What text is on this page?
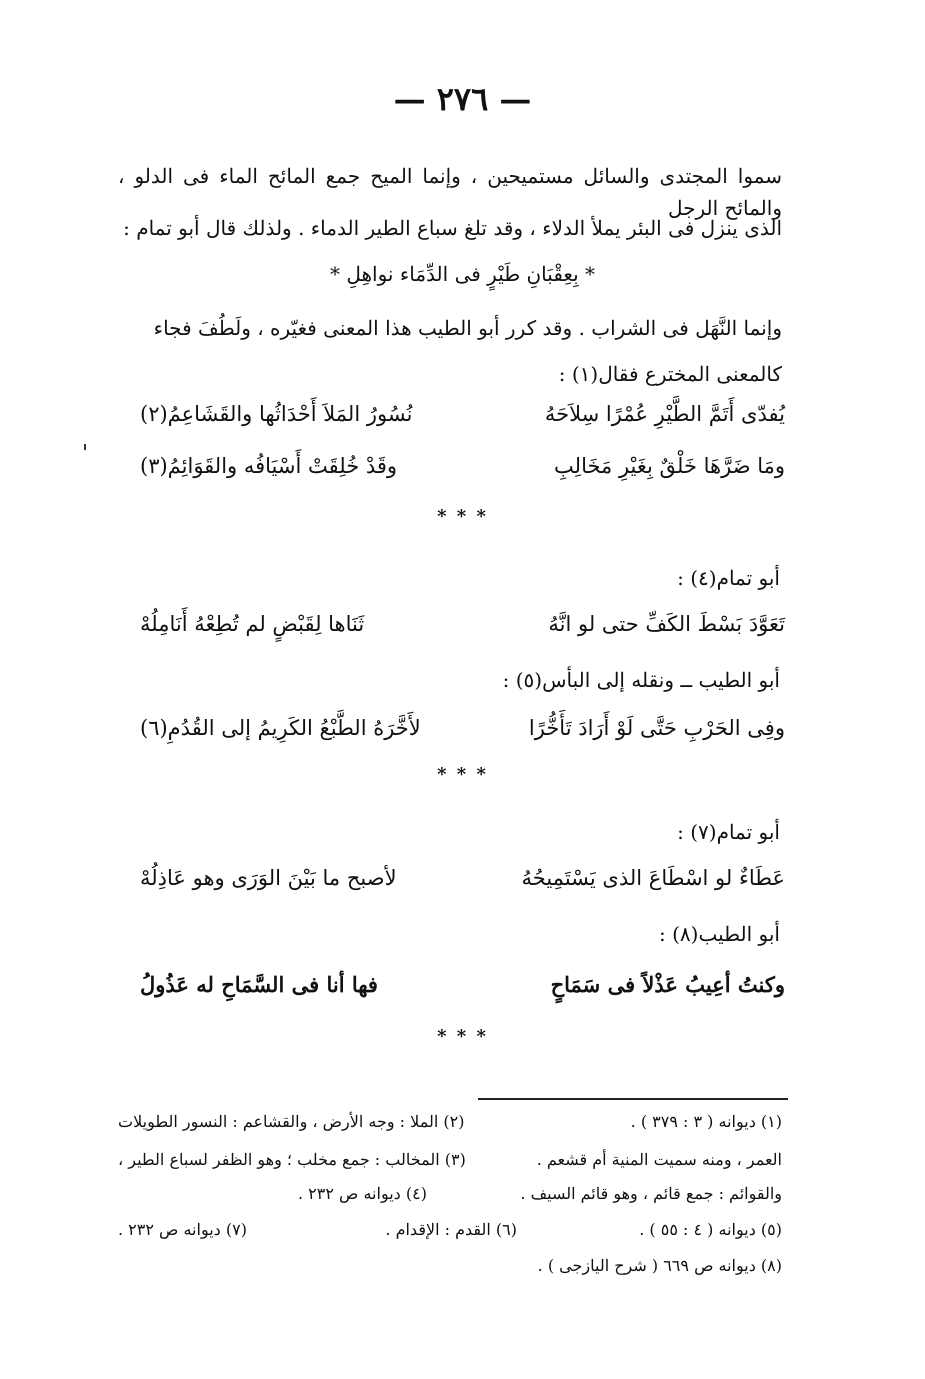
— ٢٧٦ —
سموا المجتدى والسائل مستميحين ، وإنما الميح جمع المائح الماء فى الدلو ، والمائح الرجل
الذى ينزل فى البئر يملأ الدلاء ، وقد تلغ سباع الطير الدماء . ولذلك قال أبو تمام :
* بِعِقْبَانِ طَيْرٍ فى الدِّمَاء نواهِلِ *
وإنما النَّهَل فى الشراب . وقد كرر أبو الطيب هذا المعنى فغيّره ، ولَطُفَ فجاء
كالمعنى المخترع فقال(١) :
يُفدّى أَتَمَّ الطَّيْرِ عُمْرًا سِلاَحَهُ
نُسُورُ المَلاَ أَحْدَاثُها والقَشَاعِمُ(٢)
ومَا ضَرَّهَا خَلْقٌ بِغَيْرِ مَخَالِبِ
وقَدْ خُلِقَتْ أَسْيَافُه والقَوَائِمُ(٣)
* * *
أبو تمام(٤) :
تَعَوَّدَ بَسْطَ الكَفِّ حتى لو انَّهُ
ثَنَاها لِقَبْضٍ لم تُطِعْهُ أَنَامِلُهْ
أبو الطيب ــ ونقله إلى البأس(٥) :
وفِى الحَرْبِ حَتَّى لَوْ أَرَادَ تَأَخُّرًا
لأَخَّرَهُ الطَّبْعُ الكَرِيمُ إلى القُدُمِ(٦)
* * *
أبو تمام(٧) :
عَطَاءٌ لو اسْطَاعَ الذى يَسْتَمِيحُهُ
لأصبح ما بَيْنَ الوَرَى وهو عَاذِلُهْ
أبو الطيب(٨) :
وكنتُ أعِيبُ عَذْلاً فى سَمَاحٍ
فها أنا فى السَّمَاحِ له عَذُولُ
* * *
(١) ديوانه ( ٣ : ٣٧٩ ) .
(٢) الملا : وجه الأرض ، والقشاعم : النسور الطويلات
العمر ، ومنه سميت المنية أم قشعم .
(٣) المخالب : جمع مخلب ؛ وهو الظفر لسباع الطير ،
والقوائم : جمع قائم ، وهو قائم السيف .
(٤) ديوانه ص ٢٣٢ .
(٥) ديوانه ( ٤ : ٥٥ ) .
(٦) القدم : الإقدام .
(٧) ديوانه ص ٢٣٢ .
(٨) ديوانه ص ٦٦٩ ( شرح اليازجى ) .
